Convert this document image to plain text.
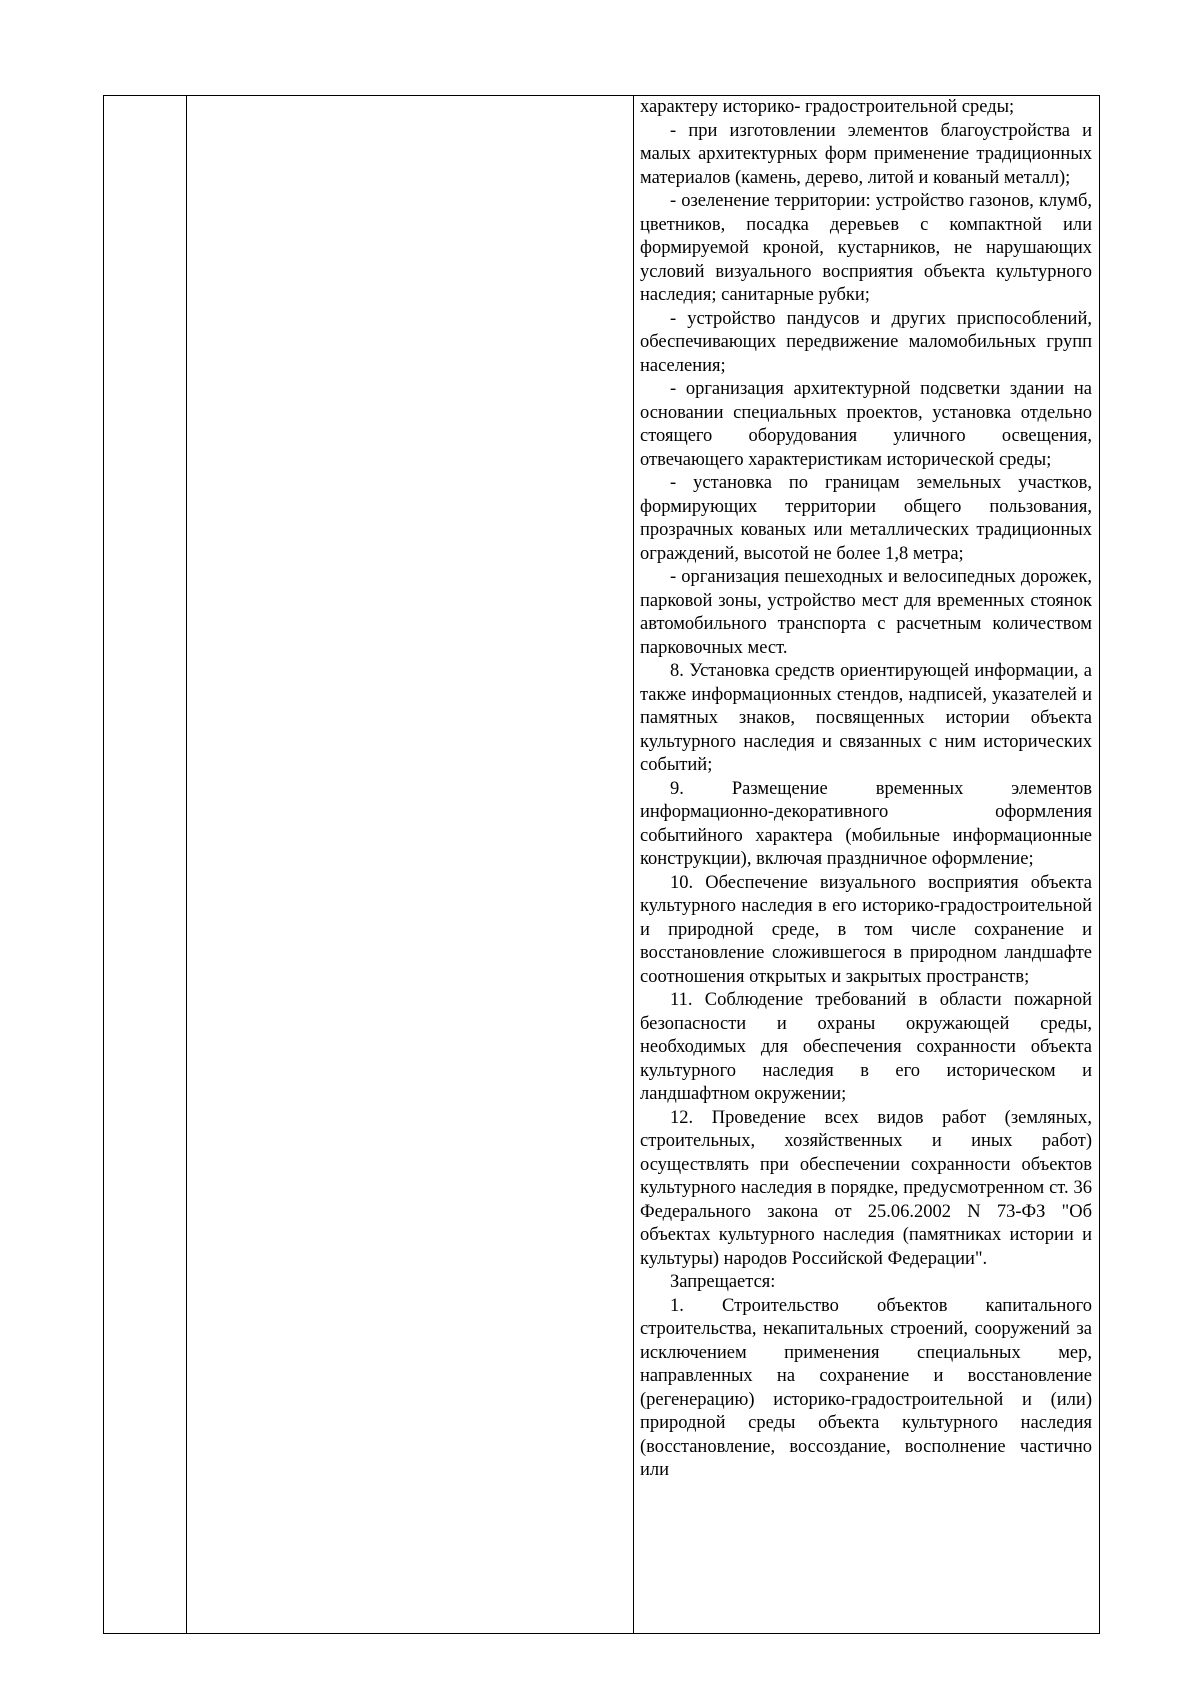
характеру историко- градостроительной среды;

- при изготовлении элементов благоустройства и малых архитектурных форм применение традиционных материалов (камень, дерево, литой и кованый металл);

- озеленение территории: устройство газонов, клумб, цветников, посадка деревьев с компактной или формируемой кроной, кустарников, не нарушающих условий визуального восприятия объекта культурного наследия; санитарные рубки;

- устройство пандусов и других приспособлений, обеспечивающих передвижение маломобильных групп населения;

- организация архитектурной подсветки здании на основании специальных проектов, установка отдельно стоящего оборудования уличного освещения, отвечающего характеристикам исторической среды;

- установка по границам земельных участков, формирующих территории общего пользования, прозрачных кованых или металлических традиционных ограждений, высотой не более 1,8 метра;

- организация пешеходных и велосипедных дорожек, парковой зоны, устройство мест для временных стоянок автомобильного транспорта с расчетным количеством парковочных мест.

8. Установка средств ориентирующей информации, а также информационных стендов, надписей, указателей и памятных знаков, посвященных истории объекта культурного наследия и связанных с ним исторических событий;

9. Размещение временных элементов информационно-декоративного оформления событийного характера (мобильные информационные конструкции), включая праздничное оформление;

10. Обеспечение визуального восприятия объекта культурного наследия в его историко-градостроительной и природной среде, в том числе сохранение и восстановление сложившегося в природном ландшафте соотношения открытых и закрытых пространств;

11. Соблюдение требований в области пожарной безопасности и охраны окружающей среды, необходимых для обеспечения сохранности объекта культурного наследия в его историческом и ландшафтном окружении;

12. Проведение всех видов работ (земляных, строительных, хозяйственных и иных работ) осуществлять при обеспечении сохранности объектов культурного наследия в порядке, предусмотренном ст. 36 Федерального закона от 25.06.2002 N 73-ФЗ "Об объектах культурного наследия (памятниках истории и культуры) народов Российской Федерации".

Запрещается:

1. Строительство объектов капитального строительства, некапитальных строений, сооружений за исключением применения специальных мер, направленных на сохранение и восстановление (регенерацию) историко-градостроительной и (или) природной среды объекта культурного наследия (восстановление, воссоздание, восполнение частично или
